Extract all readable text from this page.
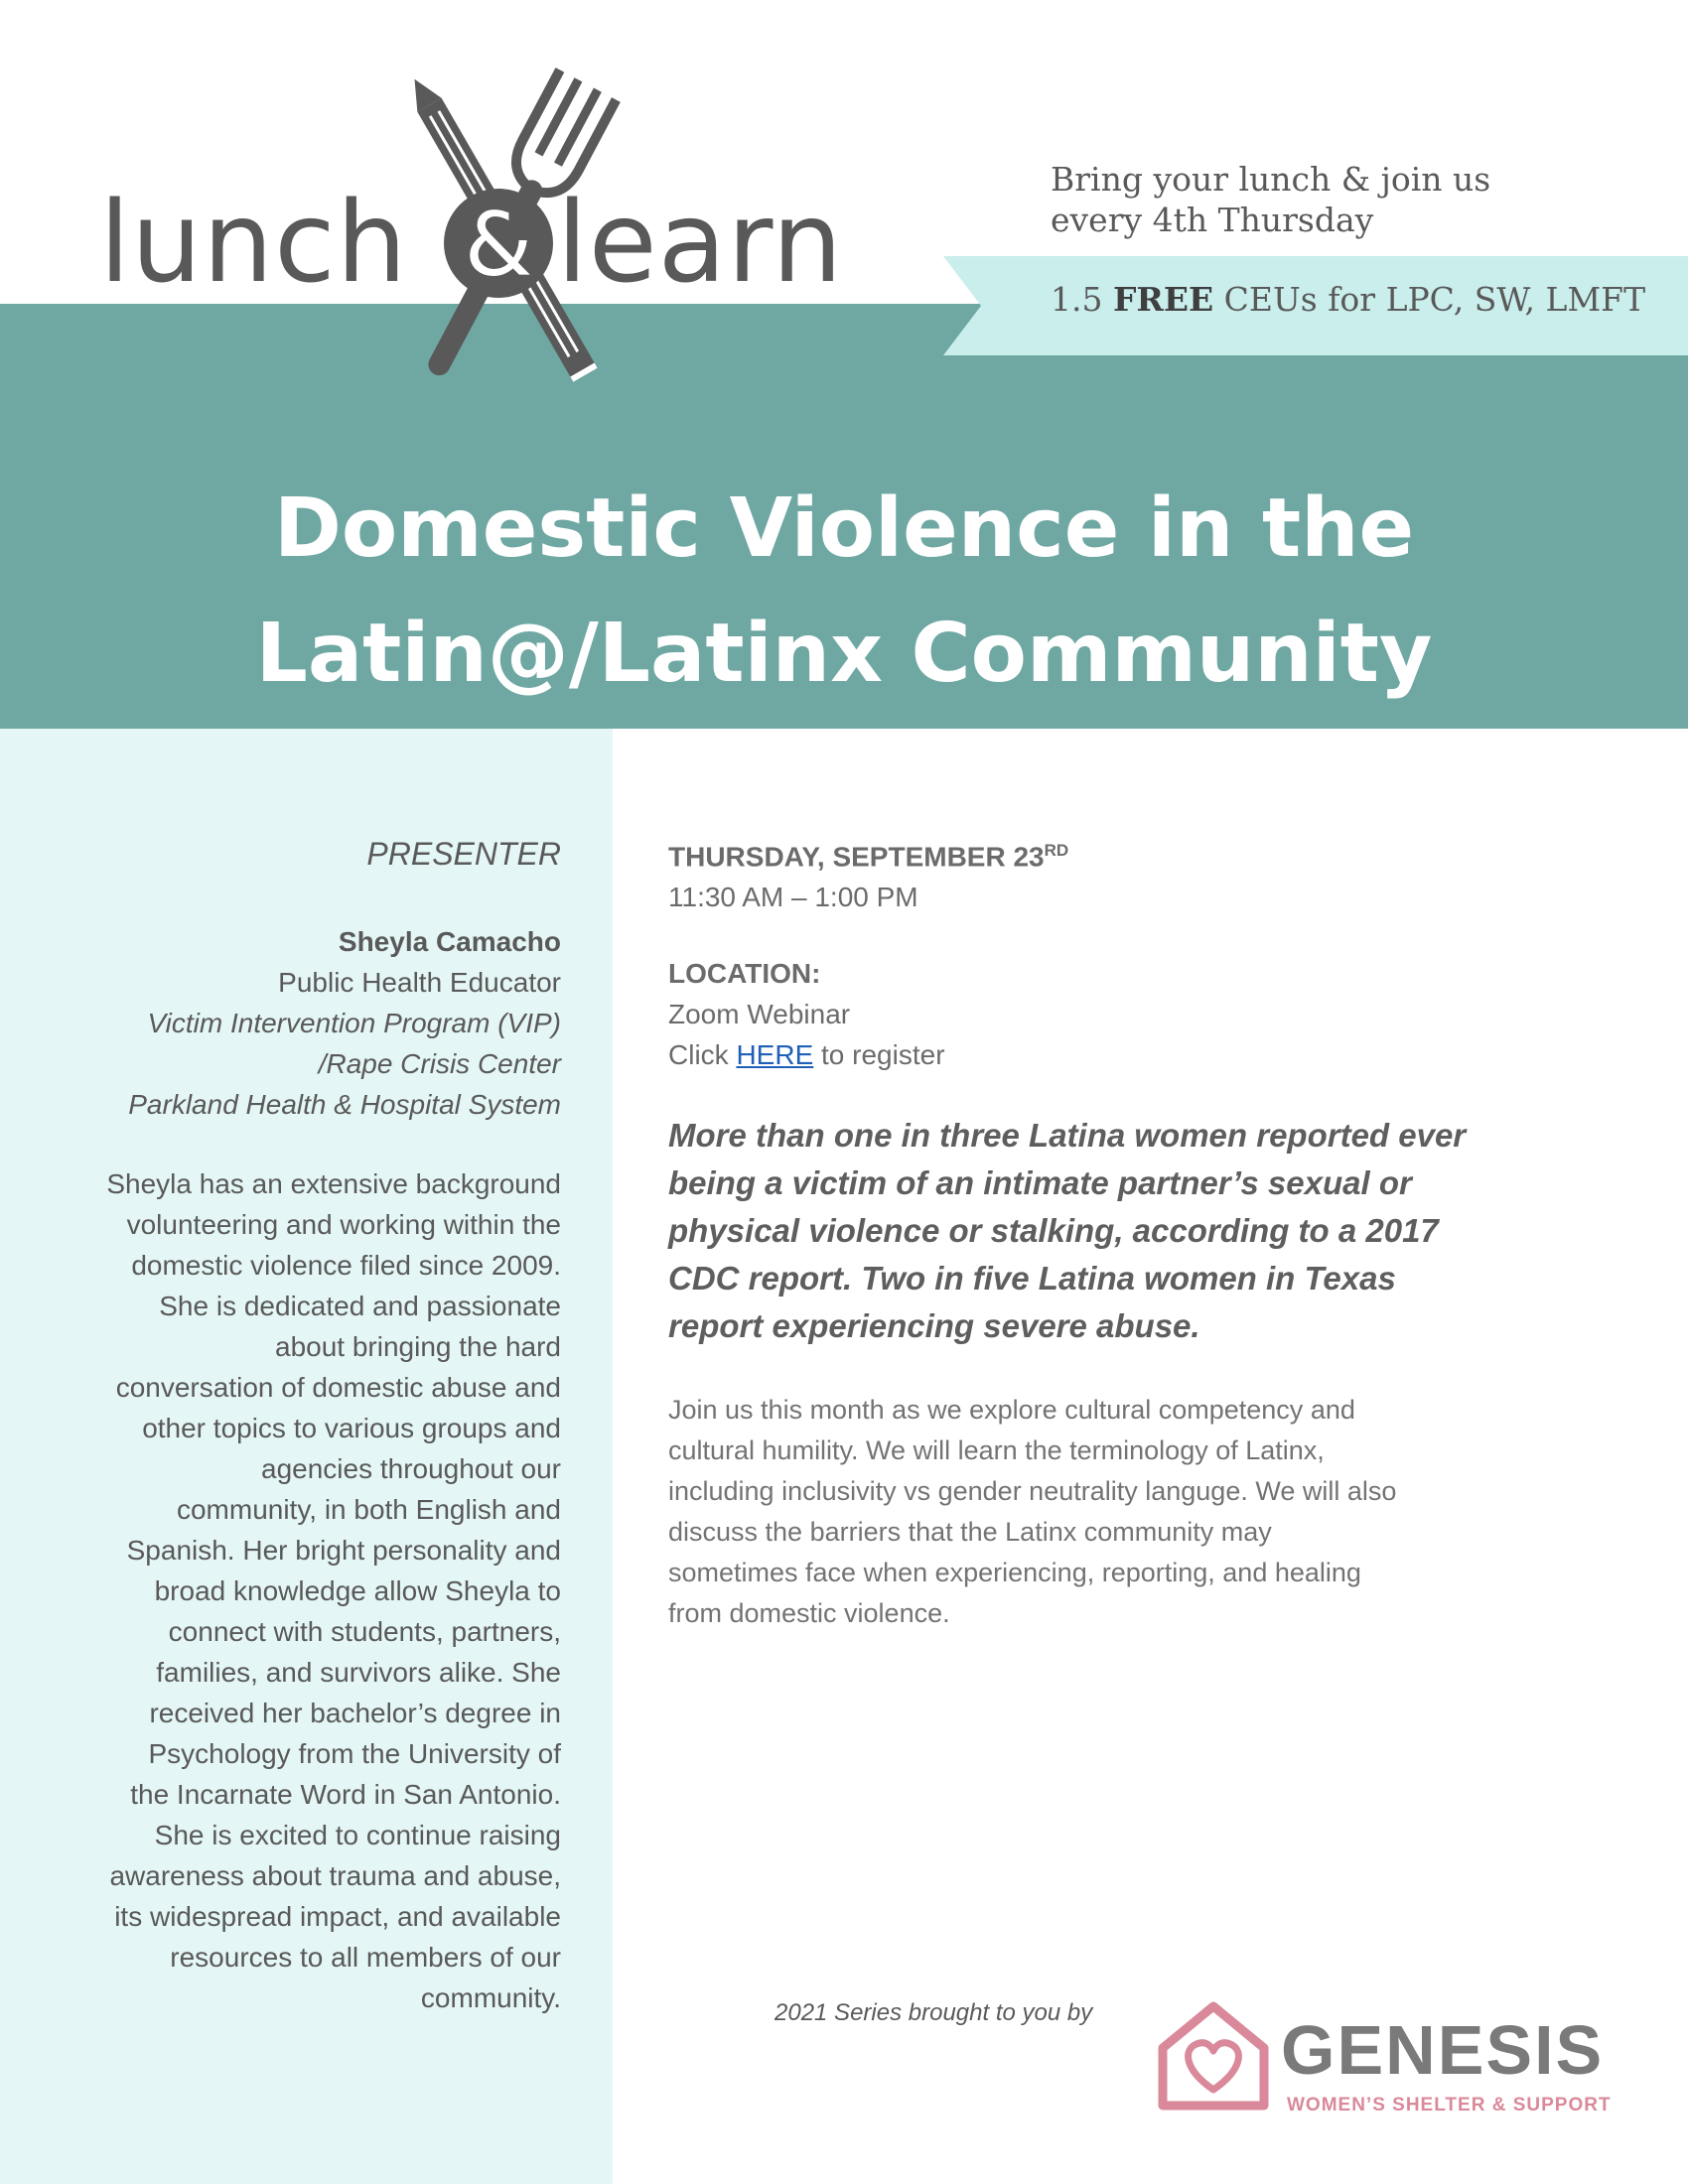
Bring your lunch & join us
every 4th Thursday
1.5 FREE CEUs for LPC, SW, LMFT
lunch learn
&
Domestic Violence in the
Latin@/Latinx Community
PRESENTER
Sheyla Camacho
Public Health Educator
Victim Intervention Program (VIP)
/Rape Crisis Center
Parkland Health & Hospital System
Sheyla has an extensive background
volunteering and working within the
domestic violence filed since 2009.
She is dedicated and passionate
about bringing the hard
conversation of domestic abuse and
other topics to various groups and
agencies throughout our
community, in both English and
Spanish. Her bright personality and
broad knowledge allow Sheyla to
connect with students, partners,
families, and survivors alike. She
received her bachelor’s degree in
Psychology from the University of
the Incarnate Word in San Antonio.
She is excited to continue raising
awareness about trauma and abuse,
its widespread impact, and available
resources to all members of our
community.
THURSDAY, SEPTEMBER 23RD
11:30 AM – 1:00 PM
LOCATION:
Zoom Webinar
Click HERE to register
More than one in three Latina women reported ever
being a victim of an intimate partner’s sexual or
physical violence or stalking, according to a 2017
CDC report. Two in five Latina women in Texas
report experiencing severe abuse.
Join us this month as we explore cultural competency and
cultural humility. We will learn the terminology of Latinx,
including inclusivity vs gender neutrality languge. We will also
discuss the barriers that the Latinx community may
sometimes face when experiencing, reporting, and healing
from domestic violence.
2021 Series brought to you by	GENESIS
WOMEN’S SHELTER & SUPPORT
